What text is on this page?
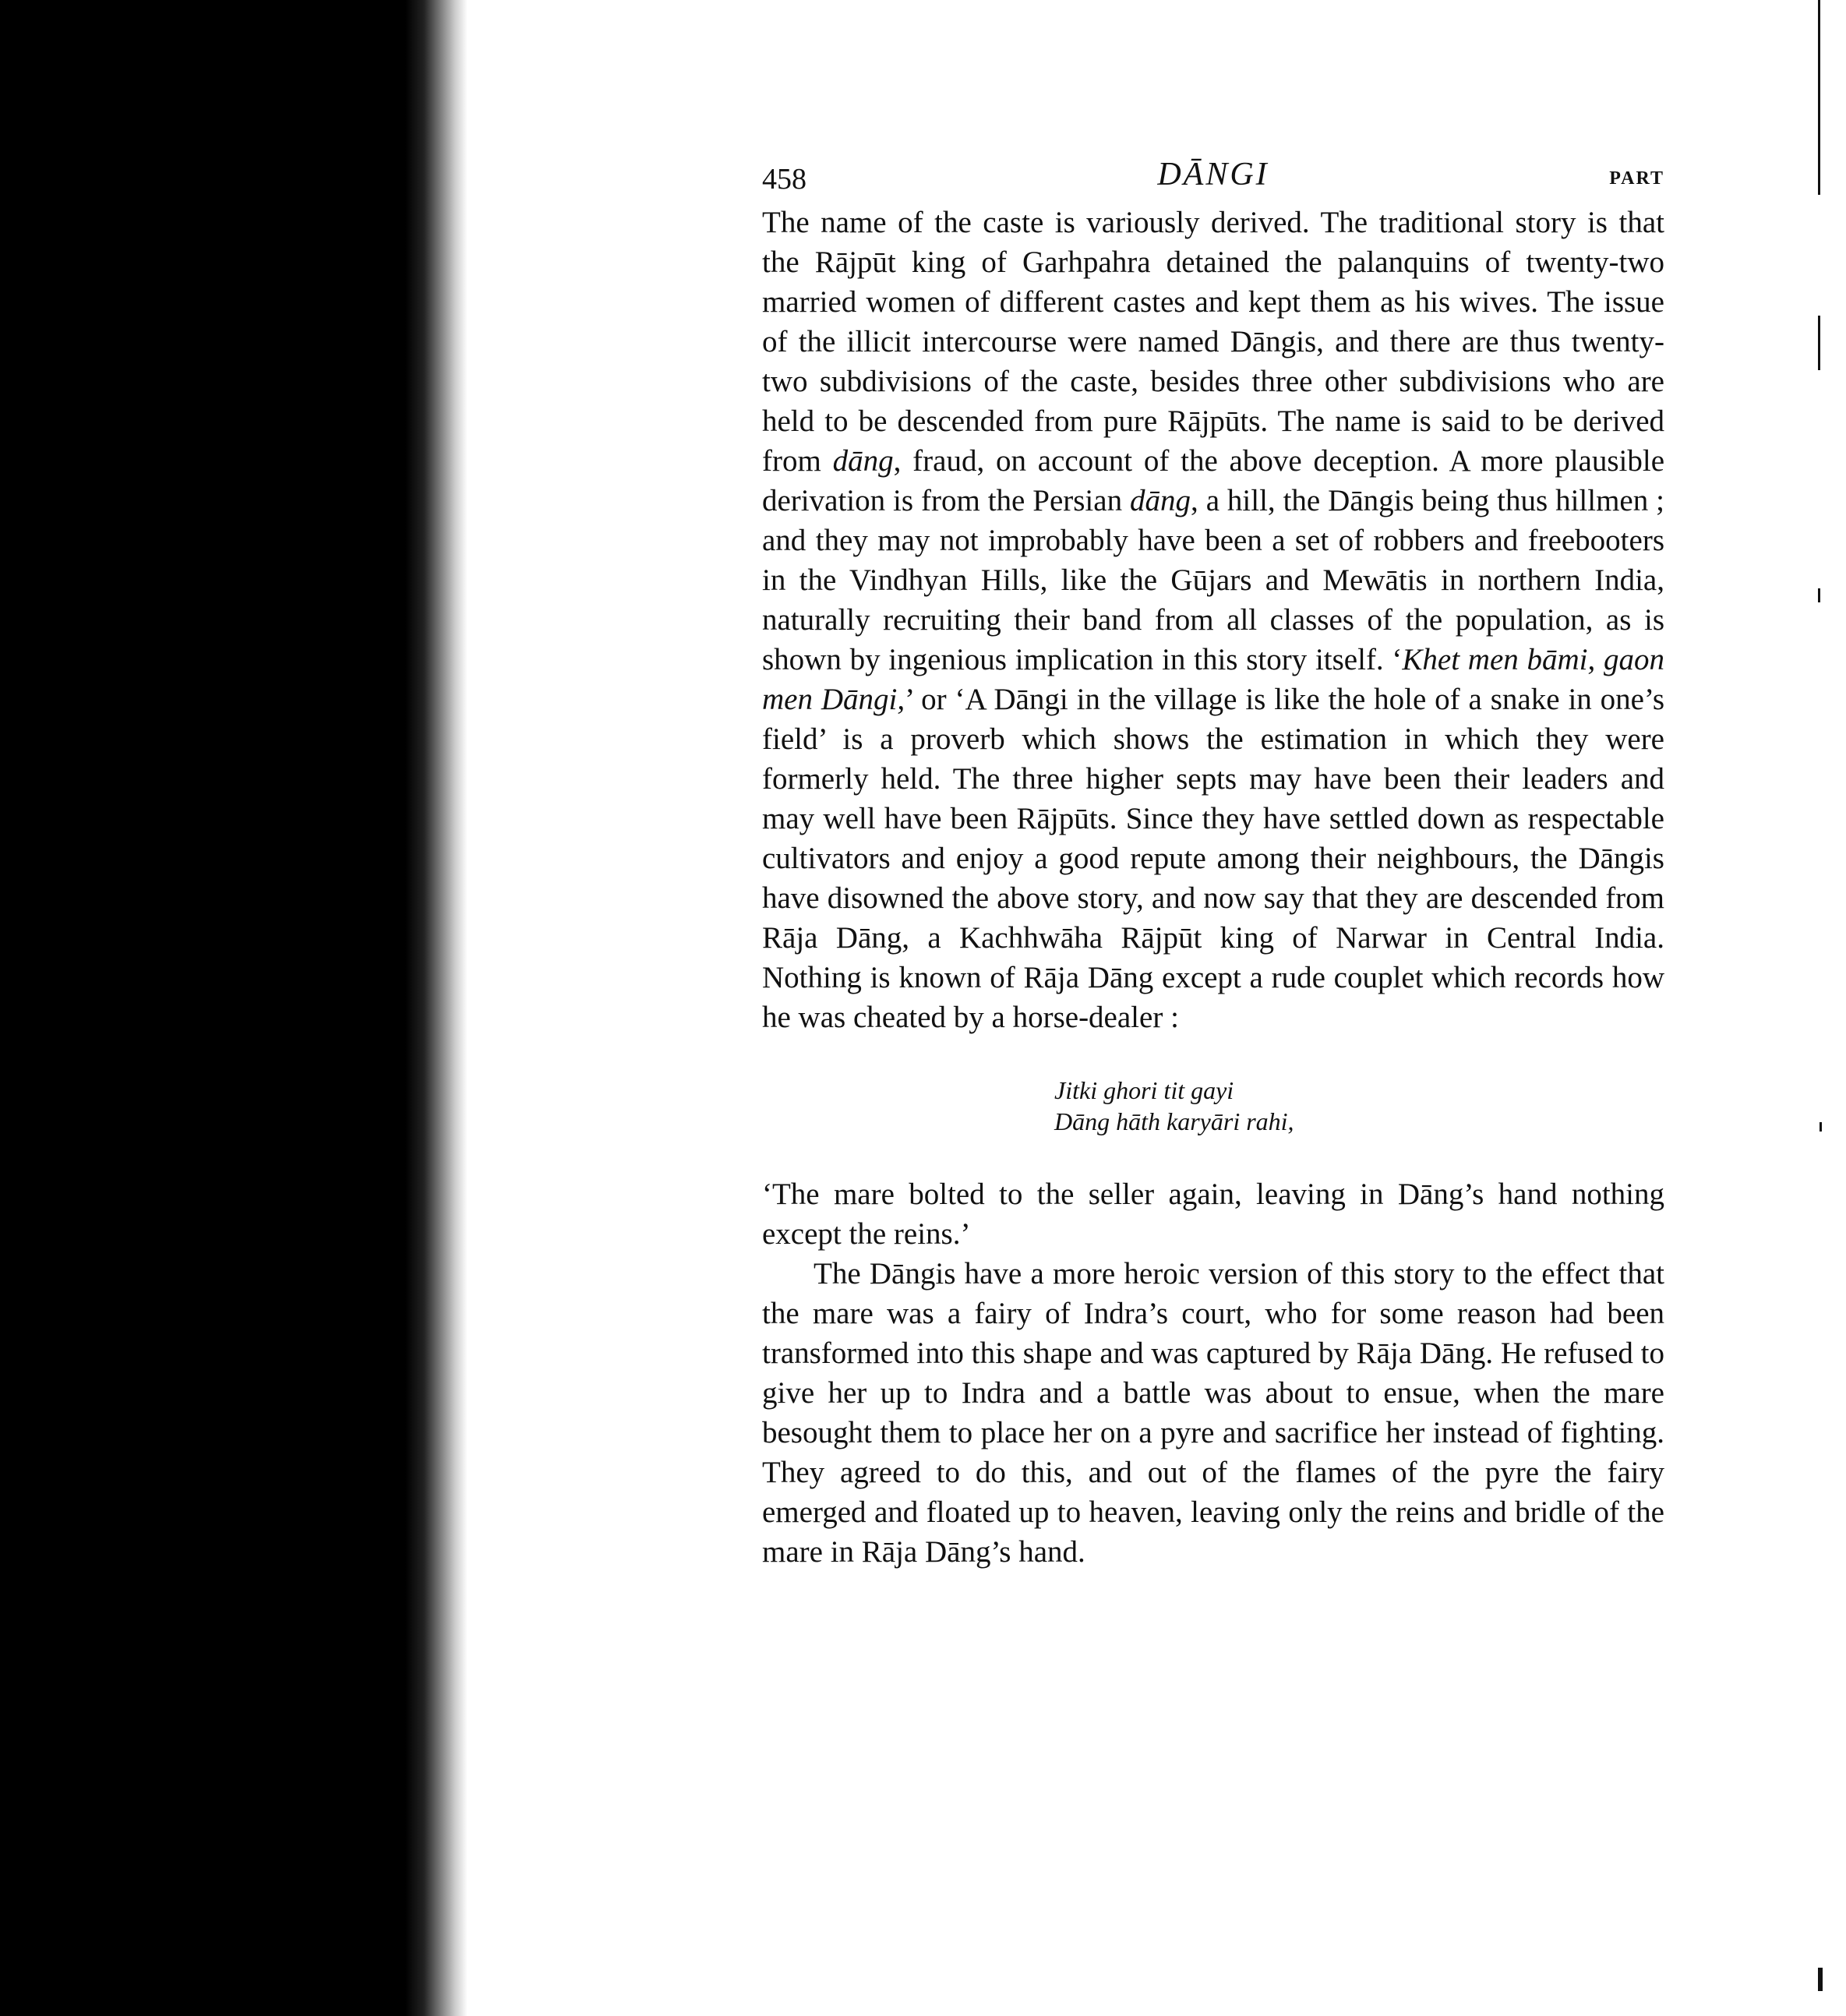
458	DĀNGI	PART

The name of the caste is variously derived. The traditional story is that the Rājpūt king of Garhpahra detained the palanquins of twenty-two married women of different castes and kept them as his wives. The issue of the illicit intercourse were named Dāngis, and there are thus twenty-two subdivisions of the caste, besides three other subdivisions who are held to be descended from pure Rājpūts. The name is said to be derived from dāng, fraud, on account of the above deception. A more plausible derivation is from the Persian dāng, a hill, the Dāngis being thus hillmen ; and they may not improbably have been a set of robbers and freebooters in the Vindhyan Hills, like the Gūjars and Mewātis in northern India, naturally recruiting their band from all classes of the population, as is shown by ingenious implication in this story itself. ‘Khet men bāmi, gaon men Dāngi,’ or ‘A Dāngi in the village is like the hole of a snake in one’s field’ is a proverb which shows the estimation in which they were formerly held. The three higher septs may have been their leaders and may well have been Rājpūts. Since they have settled down as respectable cultivators and enjoy a good repute among their neighbours, the Dāngis have disowned the above story, and now say that they are descended from Rāja Dāng, a Kachhwāha Rājpūt king of Narwar in Central India. Nothing is known of Rāja Dāng except a rude couplet which records how he was cheated by a horse-dealer :

Jitki ghori tit gayi
Dāng hāth karyāri rahi,

‘The mare bolted to the seller again, leaving in Dāng’s hand nothing except the reins.’

The Dāngis have a more heroic version of this story to the effect that the mare was a fairy of Indra’s court, who for some reason had been transformed into this shape and was captured by Rāja Dāng. He refused to give her up to Indra and a battle was about to ensue, when the mare besought them to place her on a pyre and sacrifice her instead of fighting. They agreed to do this, and out of the flames of the pyre the fairy emerged and floated up to heaven, leaving only the reins and bridle of the mare in Rāja Dāng’s hand.
